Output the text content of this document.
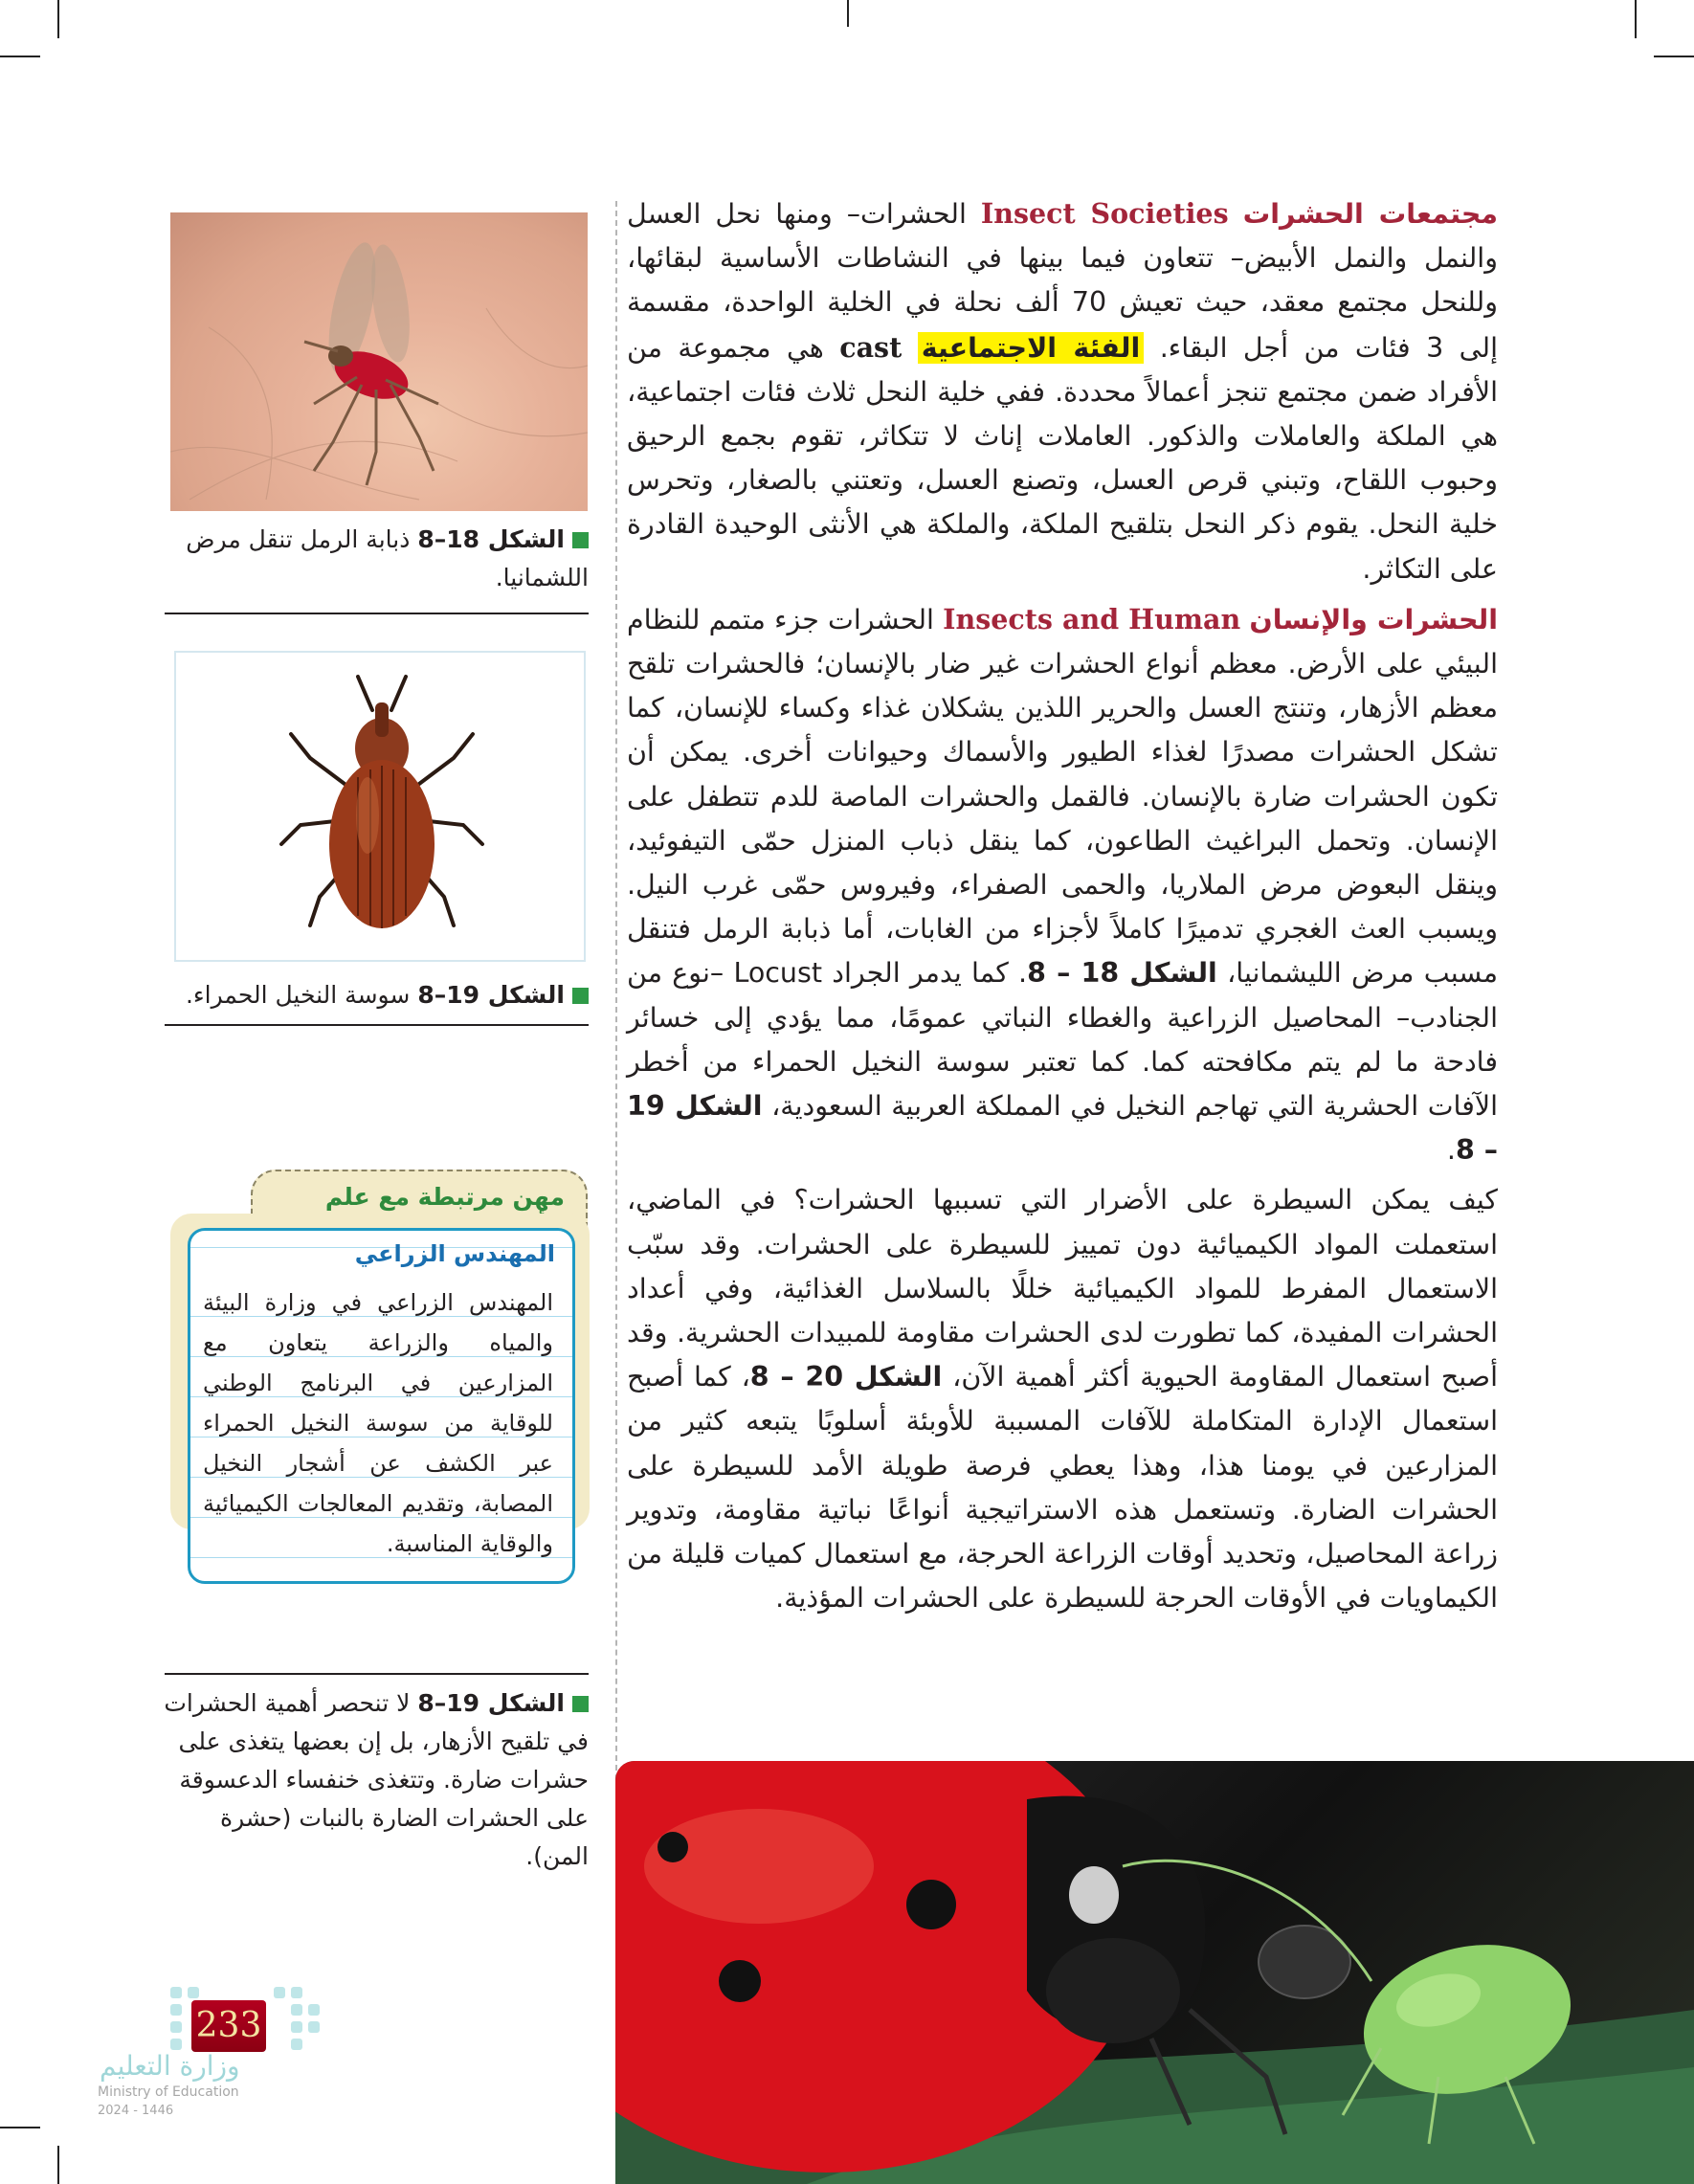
مجتمعات الحشرات Insect Societies الحشرات– ومنها نحل العسل والنمل والنمل الأبيض– تتعاون فيما بينها في النشاطات الأساسية لبقائها، وللنحل مجتمع معقد، حيث تعيش 70 ألف نحلة في الخلية الواحدة، مقسمة إلى 3 فئات من أجل البقاء. الفئة الاجتماعية cast هي مجموعة من الأفراد ضمن مجتمع تنجز أعمالاً محددة. ففي خلية النحل ثلاث فئات اجتماعية، هي الملكة والعاملات والذكور. العاملات إناث لا تتكاثر، تقوم بجمع الرحيق وحبوب اللقاح، وتبني قرص العسل، وتصنع العسل، وتعتني بالصغار، وتحرس خلية النحل. يقوم ذكر النحل بتلقيح الملكة، والملكة هي الأنثى الوحيدة القادرة على التكاثر.

الحشرات والإنسان Insects and Human الحشرات جزء متمم للنظام البيئي على الأرض. معظم أنواع الحشرات غير ضار بالإنسان؛ فالحشرات تلقح معظم الأزهار، وتنتج العسل والحرير اللذين يشكلان غذاء وكساء للإنسان، كما تشكل الحشرات مصدرًا لغذاء الطيور والأسماك وحيوانات أخرى. يمكن أن تكون الحشرات ضارة بالإنسان. فالقمل والحشرات الماصة للدم تتطفل على الإنسان. وتحمل البراغيث الطاعون، كما ينقل ذباب المنزل حمّى التيفوئيد، وينقل البعوض مرض الملاريا، والحمى الصفراء، وفيروس حمّى غرب النيل. ويسبب العث الغجري تدميرًا كاملاً لأجزاء من الغابات، أما ذبابة الرمل فتنقل مسبب مرض الليشمانيا، الشكل 18 – 8. كما يدمر الجراد Locust –نوع من الجنادب– المحاصيل الزراعية والغطاء النباتي عمومًا، مما يؤدي إلى خسائر فادحة ما لم يتم مكافحته كما. كما تعتبر سوسة النخيل الحمراء من أخطر الآفات الحشرية التي تهاجم النخيل في المملكة العربية السعودية، الشكل 19 – 8.

كيف يمكن السيطرة على الأضرار التي تسببها الحشرات؟ في الماضي، استعملت المواد الكيميائية دون تمييز للسيطرة على الحشرات. وقد سبّب الاستعمال المفرط للمواد الكيميائية خللًا بالسلاسل الغذائية، وفي أعداد الحشرات المفيدة، كما تطورت لدى الحشرات مقاومة للمبيدات الحشرية. وقد أصبح استعمال المقاومة الحيوية أكثر أهمية الآن، الشكل 20 – 8، كما أصبح استعمال الإدارة المتكاملة للآفات المسببة للأوبئة أسلوبًا يتبعه كثير من المزارعين في يومنا هذا، وهذا يعطي فرصة طويلة الأمد للسيطرة على الحشرات الضارة. وتستعمل هذه الاستراتيجية أنواعًا نباتية مقاومة، وتدوير زراعة المحاصيل، وتحديد أوقات الزراعة الحرجة، مع استعمال كميات قليلة من الكيماويات في الأوقات الحرجة للسيطرة على الحشرات المؤذية.

الشكل 18–8 ذبابة الرمل تنقل مرض اللشمانيا.
الشكل 19–8 سوسة النخيل الحمراء.
مهن مرتبطة مع علم
المهندس الزراعي
المهندس الزراعي في وزارة البيئة والمياه والزراعة يتعاون مع المزارعين في البرنامج الوطني للوقاية من سوسة النخيل الحمراء عبر الكشف عن أشجار النخيل المصابة، وتقديم المعالجات الكيميائية والوقاية المناسبة.
الشكل 19–8 لا تنحصر أهمية الحشرات في تلقيح الأزهار، بل إن بعضها يتغذى على حشرات ضارة. وتتغذى خنفساء الدعسوقة على الحشرات الضارة بالنبات (حشرة المن).
233
وزارة التعليم
Ministry of Education
2024 - 1446
